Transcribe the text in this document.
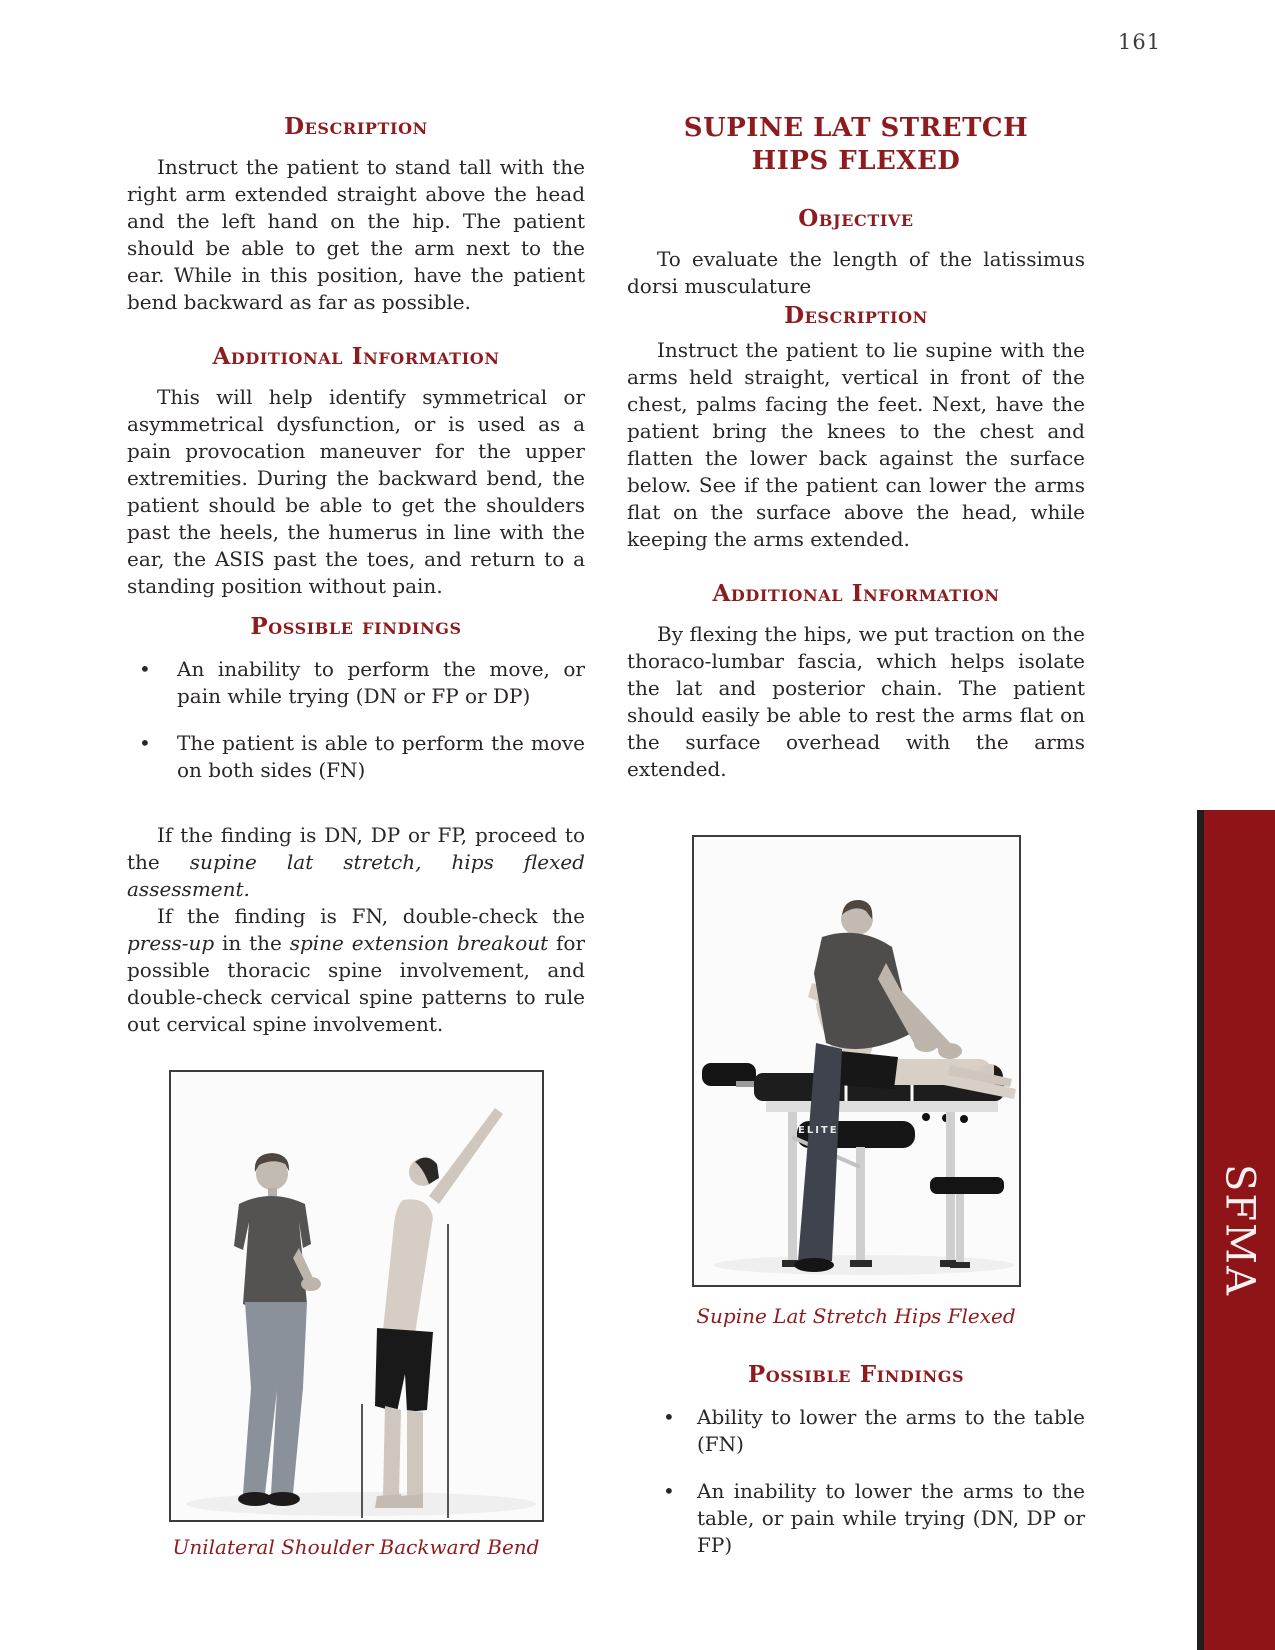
161
Description

Instruct the patient to stand tall with the right arm extended straight above the head and the left hand on the hip. The patient should be able to get the arm next to the ear. While in this position, have the patient bend backward as far as possible.

Additional Information

This will help identify symmetrical or asymmetrical dysfunction, or is used as a pain provocation maneuver for the upper extremities. During the backward bend, the patient should be able to get the shoulders past the heels, the humerus in line with the ear, the ASIS past the toes, and return to a standing position without pain.

Possible findings
• An inability to perform the move, or pain while trying (DN or FP or DP)
• The patient is able to perform the move on both sides (FN)

If the finding is DN, DP or FP, proceed to the supine lat stretch, hips flexed assessment.

If the finding is FN, double-check the press-up in the spine extension breakout for possible thoracic spine involvement, and double-check cervical spine patterns to rule out cervical spine involvement.

Unilateral Shoulder Backward Bend
SUPINE LAT STRETCH
HIPS FLEXED
Objective

To evaluate the length of the latissimus dorsi musculature

Description

Instruct the patient to lie supine with the arms held straight, vertical in front of the chest, palms facing the feet. Next, have the patient bring the knees to the chest and flatten the lower back against the surface below. See if the patient can lower the arms flat on the surface above the head, while keeping the arms extended.

Additional Information

By flexing the hips, we put traction on the thoraco-lumbar fascia, which helps isolate the lat and posterior chain. The patient should easily be able to rest the arms flat on the surface overhead with the arms extended.

ELITE
Supine Lat Stretch Hips Flexed
Possible Findings
• Ability to lower the arms to the table (FN)
• An inability to lower the arms to the table, or pain while trying (DN, DP or FP)
SFMA
